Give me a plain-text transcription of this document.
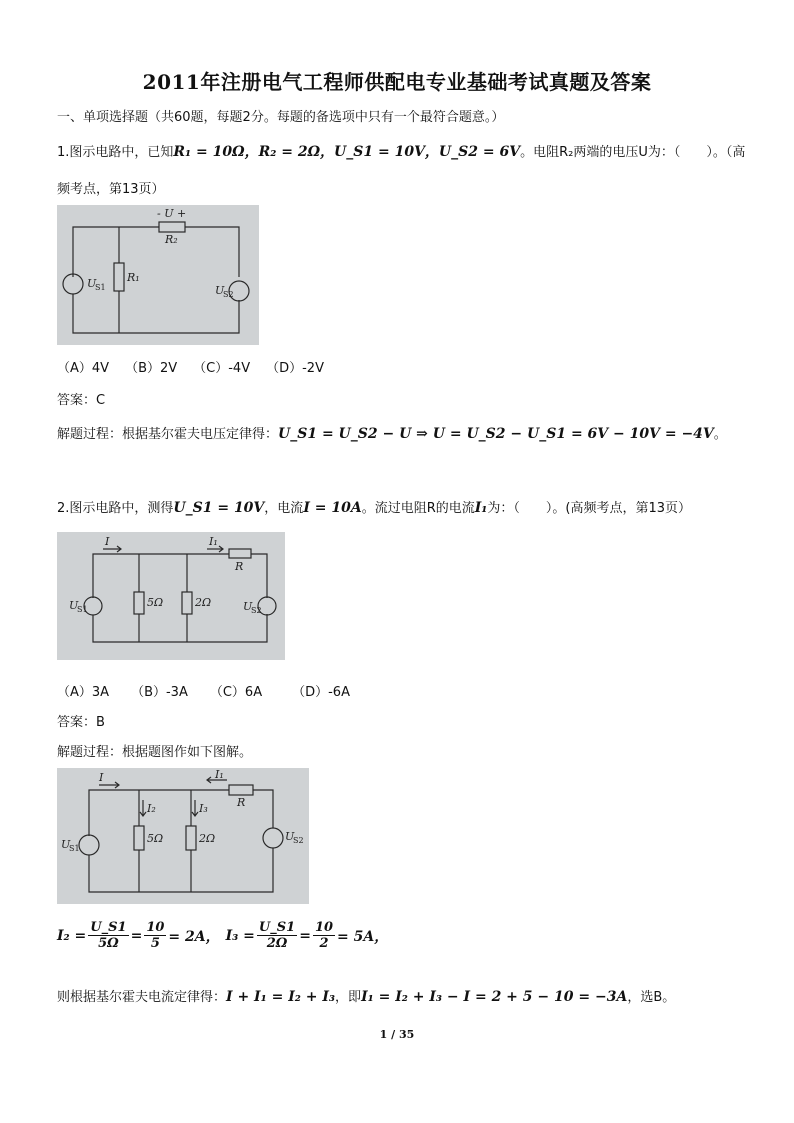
2011年注册电气工程师供配电专业基础考试真题及答案
一、单项选择题（共60题，每题2分。每题的备选项中只有一个最符合题意。）
1.图示电路中，已知R₁ = 10Ω，R₂ = 2Ω，U_S1 = 10V，U_S2 = 6V。电阻R₂两端的电压U为：（　　）。（高
频考点，第13页）
- U +
R₂
U
S1
R₁
U
S2
（A）4V （B）2V （C）-4V （D）-2V
答案：C
解题过程：根据基尔霍夫电压定律得：U_S1 = U_S2 − U ⇒ U = U_S2 − U_S1 = 6V − 10V = −4V。
2.图示电路中，测得U_S1 = 10V，电流I = 10A。流过电阻R的电流I₁为：（　　）。(高频考点，第13页）
I	I₁
R
U
S1
5Ω	2Ω	U
S2
（A）3A （B）-3A （C）6A （D）-6A
答案：B
解题过程：根据题图作如下图解。
I	I₁
R
I₂	I₃
5Ω	2Ω
U
S1
U
S2
$I_2 = \frac{U\_S1}{5\Omega} = \frac{10}{5} = 2A$， $I_3 = \frac{U\_S1}{2\Omega} = \frac{10}{2} = 5A$，
则根据基尔霍夫电流定律得：I + I₁ = I₂ + I₃，即I₁ = I₂ + I₃ − I = 2 + 5 − 10 = −3A，选B。
1 / 35
